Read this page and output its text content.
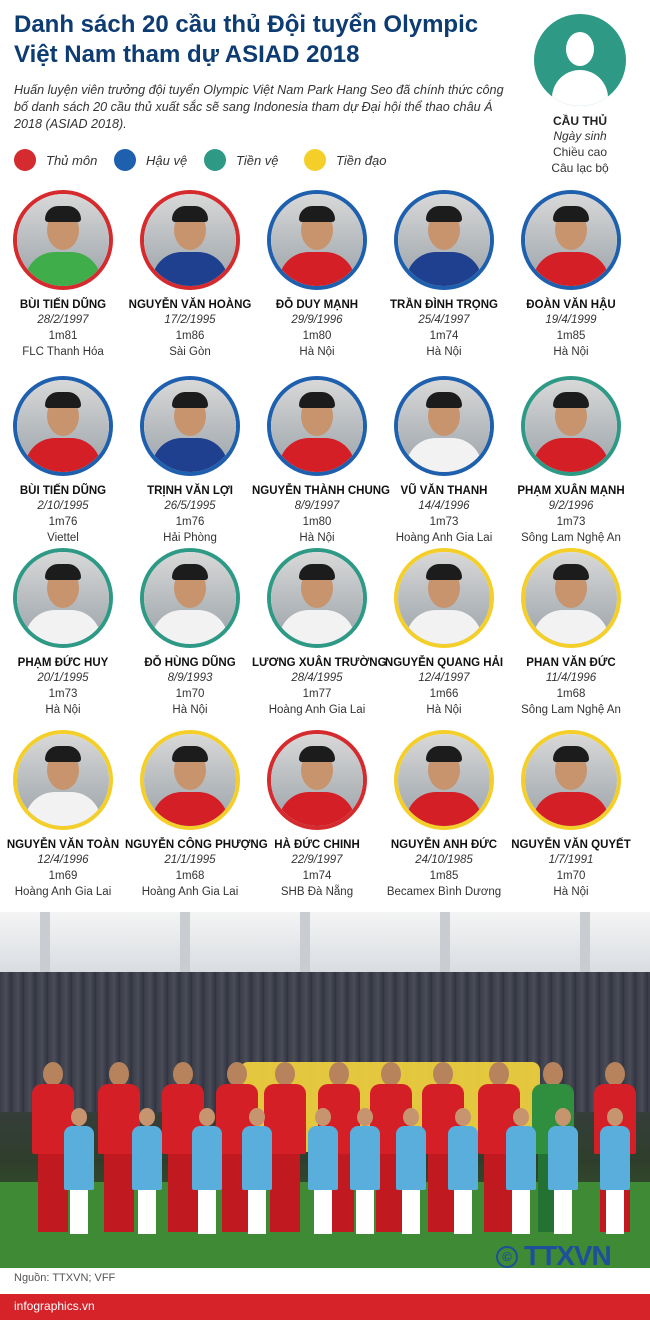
Danh sách 20 cầu thủ Đội tuyển Olympic Việt Nam tham dự ASIAD 2018
Huấn luyện viên trưởng đội tuyển Olympic Việt Nam Park Hang Seo đã chính thức công bố danh sách 20 cầu thủ xuất sắc sẽ sang Indonesia tham dự Đại hội thể thao châu Á 2018 (ASIAD 2018).	CẦU THỦ
Ngày sinh
Chiều cao
Câu lạc bộ
Thủ môn	Hậu vệ	Tiền vệ	Tiền đạo
BÙI TIẾN DŨNG
28/2/1997
1m81
FLC Thanh Hóa
NGUYỄN VĂN HOÀNG
17/2/1995
1m86
Sài Gòn
ĐỖ DUY MẠNH
29/9/1996
1m80
Hà Nội
TRẦN ĐÌNH TRỌNG
25/4/1997
1m74
Hà Nội
ĐOÀN VĂN HẬU
19/4/1999
1m85
Hà Nội
BÙI TIẾN DŨNG
2/10/1995
1m76
Viettel
TRỊNH VĂN LỢI
26/5/1995
1m76
Hải Phòng
NGUYỄN THÀNH CHUNG
8/9/1997
1m80
Hà Nội
VŨ VĂN THANH
14/4/1996
1m73
Hoàng Anh Gia Lai
PHẠM XUÂN MẠNH
9/2/1996
1m73
Sông Lam Nghệ An
PHẠM ĐỨC HUY
20/1/1995
1m73
Hà Nội
ĐỖ HÙNG DŨNG
8/9/1993
1m70
Hà Nội
LƯƠNG XUÂN TRƯỜNG
28/4/1995
1m77
Hoàng Anh Gia Lai
NGUYỄN QUANG HẢI
12/4/1997
1m66
Hà Nội
PHAN VĂN ĐỨC
11/4/1996
1m68
Sông Lam Nghệ An
NGUYỄN VĂN TOÀN
12/4/1996
1m69
Hoàng Anh Gia Lai
NGUYỄN CÔNG PHƯỢNG
21/1/1995
1m68
Hoàng Anh Gia Lai
HÀ ĐỨC CHINH
22/9/1997
1m74
SHB Đà Nẵng
NGUYỄN ANH ĐỨC
24/10/1985
1m85
Becamex Bình Dương
NGUYỄN VĂN QUYẾT
1/7/1991
1m70
Hà Nội
Nguồn: TTXVN; VFF
infographics.vn
© TTXVN
